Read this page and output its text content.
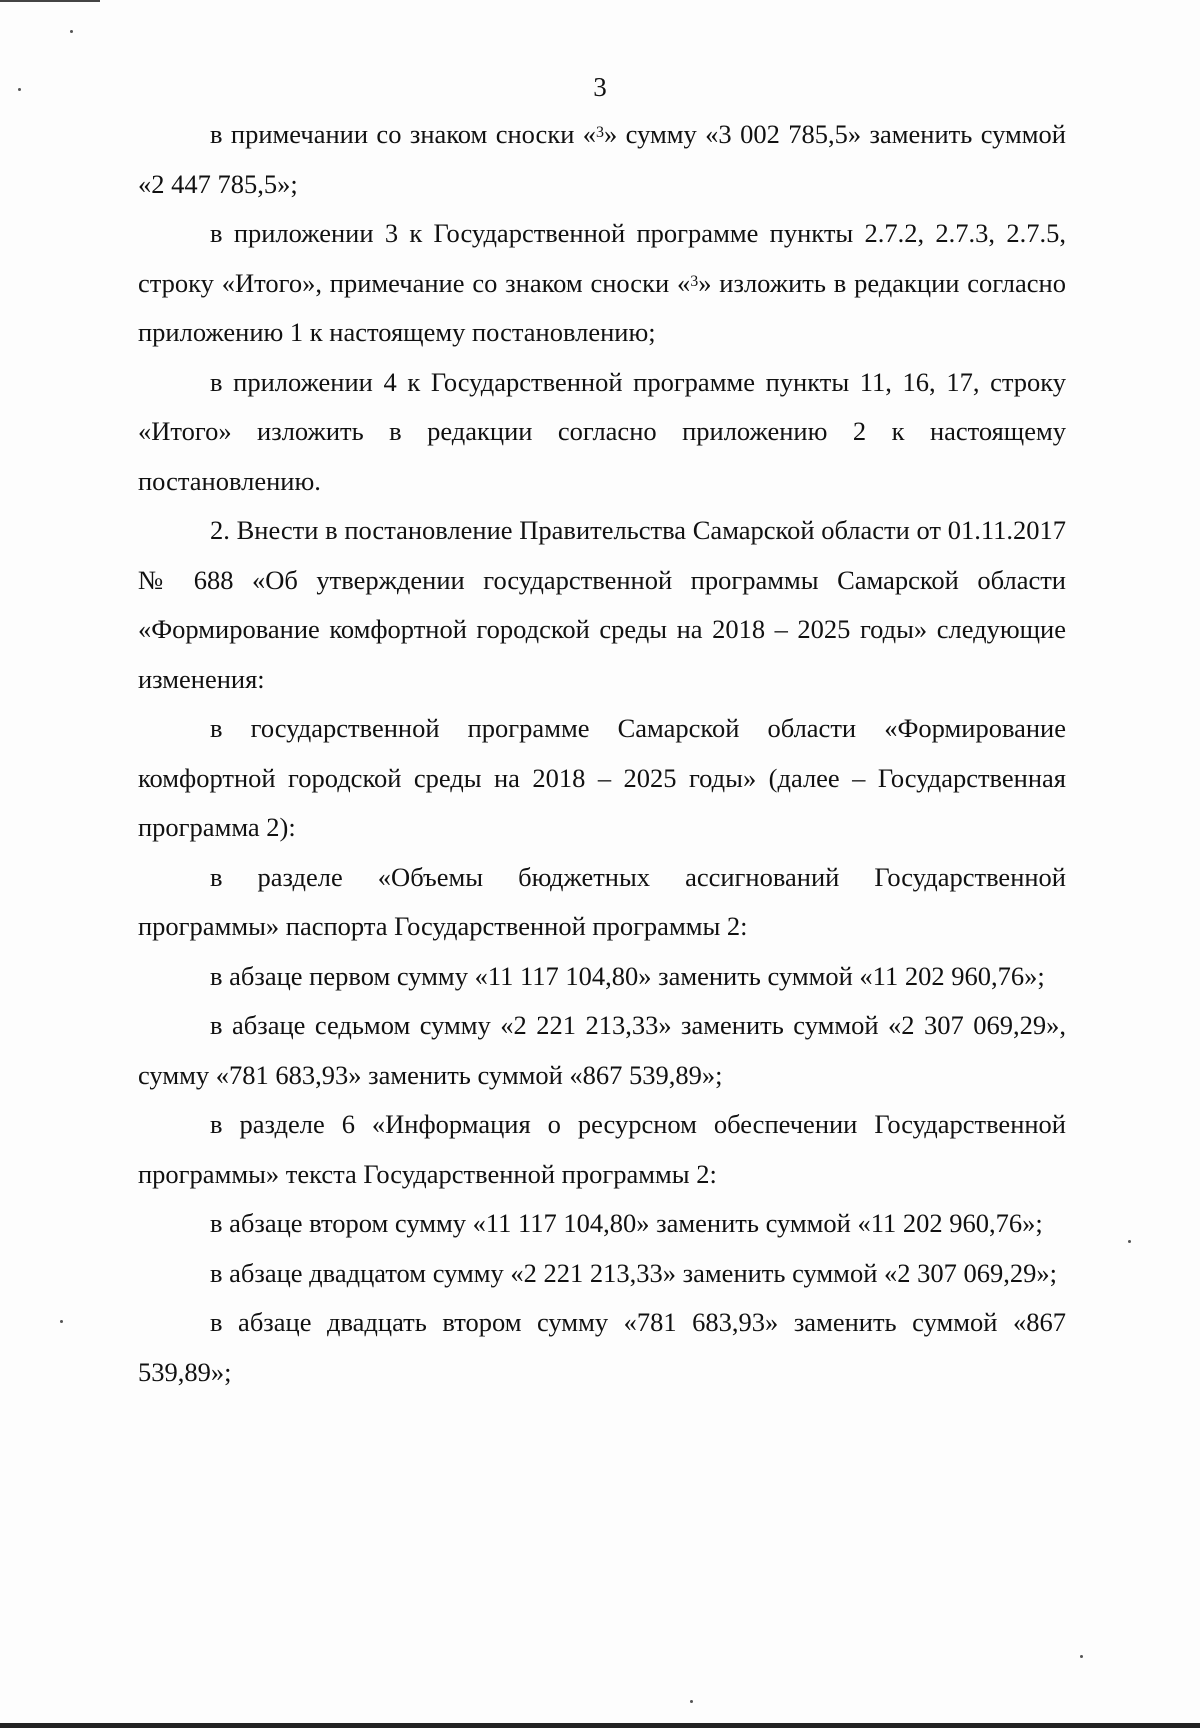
3

в примечании со знаком сноски «$^3$» сумму «3 002 785,5» заменить суммой «2 447 785,5»;

в приложении 3 к Государственной программе пункты 2.7.2, 2.7.3, 2.7.5, строку «Итого», примечание со знаком сноски «$^3$» изложить в редакции согласно приложению 1 к настоящему постановлению;

в приложении 4 к Государственной программе пункты 11, 16, 17, строку «Итого» изложить в редакции согласно приложению 2 к настоящему постановлению.

2. Внести в постановление Правительства Самарской области от 01.11.2017 № 688 «Об утверждении государственной программы Самарской области «Формирование комфортной городской среды на 2018 – 2025 годы» следующие изменения:

в государственной программе Самарской области «Формирование комфортной городской среды на 2018 – 2025 годы» (далее – Государственная программа 2):

в разделе «Объемы бюджетных ассигнований Государственной программы» паспорта Государственной программы 2:

в абзаце первом сумму «11 117 104,80» заменить суммой «11 202 960,76»;

в абзаце седьмом сумму «2 221 213,33» заменить суммой «2 307 069,29», сумму «781 683,93» заменить суммой «867 539,89»;

в разделе 6 «Информация о ресурсном обеспечении Государственной программы» текста Государственной программы 2:

в абзаце втором сумму «11 117 104,80» заменить суммой «11 202 960,76»;

в абзаце двадцатом сумму «2 221 213,33» заменить суммой «2 307 069,29»;

в абзаце двадцать втором сумму «781 683,93» заменить суммой «867 539,89»;
